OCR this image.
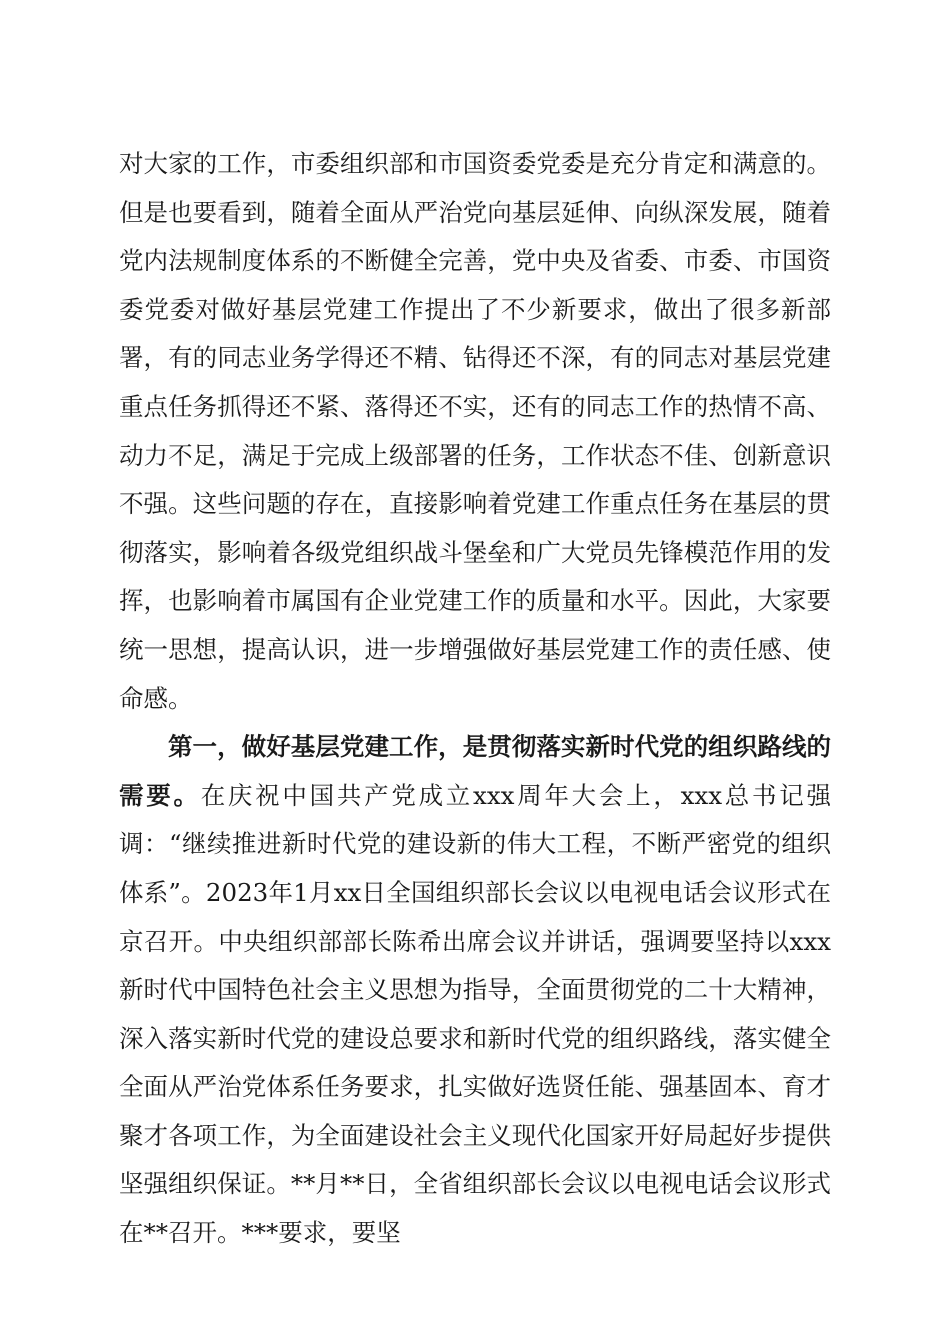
对大家的工作，市委组织部和市国资委党委是充分肯定和满意的。但是也要看到，随着全面从严治党向基层延伸、向纵深发展，随着党内法规制度体系的不断健全完善，党中央及省委、市委、市国资委党委对做好基层党建工作提出了不少新要求，做出了很多新部署，有的同志业务学得还不精、钻得还不深，有的同志对基层党建重点任务抓得还不紧、落得还不实，还有的同志工作的热情不高、动力不足，满足于完成上级部署的任务，工作状态不佳、创新意识不强。这些问题的存在，直接影响着党建工作重点任务在基层的贯彻落实，影响着各级党组织战斗堡垒和广大党员先锋模范作用的发挥，也影响着市属国有企业党建工作的质量和水平。因此，大家要统一思想，提高认识，进一步增强做好基层党建工作的责任感、使命感。

第一，做好基层党建工作，是贯彻落实新时代党的组织路线的需要。在庆祝中国共产党成立xxx周年大会上，xxx总书记强调：“继续推进新时代党的建设新的伟大工程，不断严密党的组织体系”。2023年1月xx日全国组织部长会议以电视电话会议形式在京召开。中央组织部部长陈希出席会议并讲话，强调要坚持以xxx新时代中国特色社会主义思想为指导，全面贯彻党的二十大精神，深入落实新时代党的建设总要求和新时代党的组织路线，落实健全全面从严治党体系任务要求，扎实做好选贤任能、强基固本、育才聚才各项工作，为全面建设社会主义现代化国家开好局起好步提供坚强组织保证。**月**日，全省组织部长会议以电视电话会议形式在**召开。***要求，要坚
